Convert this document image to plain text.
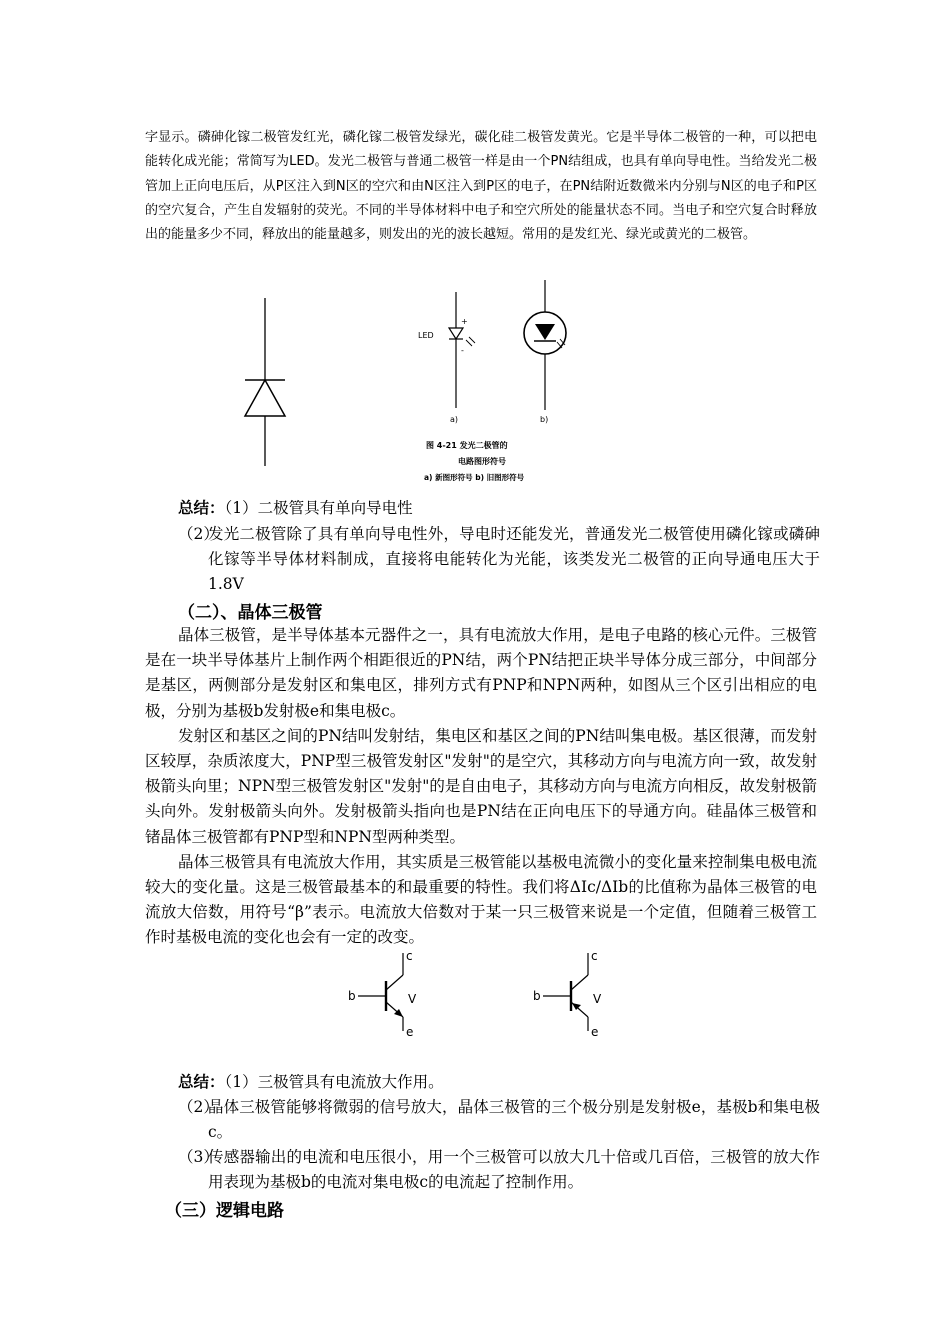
字显示。磷砷化镓二极管发红光，磷化镓二极管发绿光，碳化硅二极管发黄光。它是半导体二极管的一种，可以把电能转化成光能；常简写为LED。发光二极管与普通二极管一样是由一个PN结组成，也具有单向导电性。当给发光二极管加上正向电压后，从P区注入到N区的空穴和由N区注入到P区的电子，在PN结附近数微米内分别与N区的电子和P区的空穴复合，产生自发辐射的荧光。不同的半导体材料中电子和空穴所处的能量状态不同。当电子和空穴复合时释放出的能量多少不同，释放出的能量越多，则发出的光的波长越短。常用的是发红光、绿光或黄光的二极管。

LED
+
-
a)	b)
图 4-21 发光二极管的
电路图形符号
a) 新图形符号 b) 旧图形符号
总结：（1）二极管具有单向导电性
（2）
发光二极管除了具有单向导电性外，导电时还能发光，普通发光二极管使用磷化镓或磷砷化镓等半导体材料制成，直接将电能转化为光能，该类发光二极管的正向导通电压大于1.8V
（二）、晶体三极管

晶体三极管，是半导体基本元器件之一，具有电流放大作用，是电子电路的核心元件。三极管是在一块半导体基片上制作两个相距很近的PN结，两个PN结把正块半导体分成三部分，中间部分是基区，两侧部分是发射区和集电区，排列方式有PNP和NPN两种，如图从三个区引出相应的电极，分别为基极b发射极e和集电极c。

发射区和基区之间的PN结叫发射结，集电区和基区之间的PN结叫集电极。基区很薄，而发射区较厚，杂质浓度大，PNP型三极管发射区"发射"的是空穴，其移动方向与电流方向一致，故发射极箭头向里；NPN型三极管发射区"发射"的是自由电子，其移动方向与电流方向相反，故发射极箭头向外。发射极箭头向外。发射极箭头指向也是PN结在正向电压下的导通方向。硅晶体三极管和锗晶体三极管都有PNP型和NPN型两种类型。

晶体三极管具有电流放大作用，其实质是三极管能以基极电流微小的变化量来控制集电极电流较大的变化量。这是三极管最基本的和最重要的特性。我们将ΔIc/ΔIb的比值称为晶体三极管的电流放大倍数，用符号“β”表示。电流放大倍数对于某一只三极管来说是一个定值，但随着三极管工作时基极电流的变化也会有一定的改变。

c
b	V
e
c
b	V
e
总结：（1）三极管具有电流放大作用。
（2）
晶体三极管能够将微弱的信号放大，晶体三极管的三个极分别是发射极e，基极b和集电极c。
（3）
传感器输出的电流和电压很小，用一个三极管可以放大几十倍或几百倍，三极管的放大作用表现为基极b的电流对集电极c的电流起了控制作用。
（三）逻辑电路
